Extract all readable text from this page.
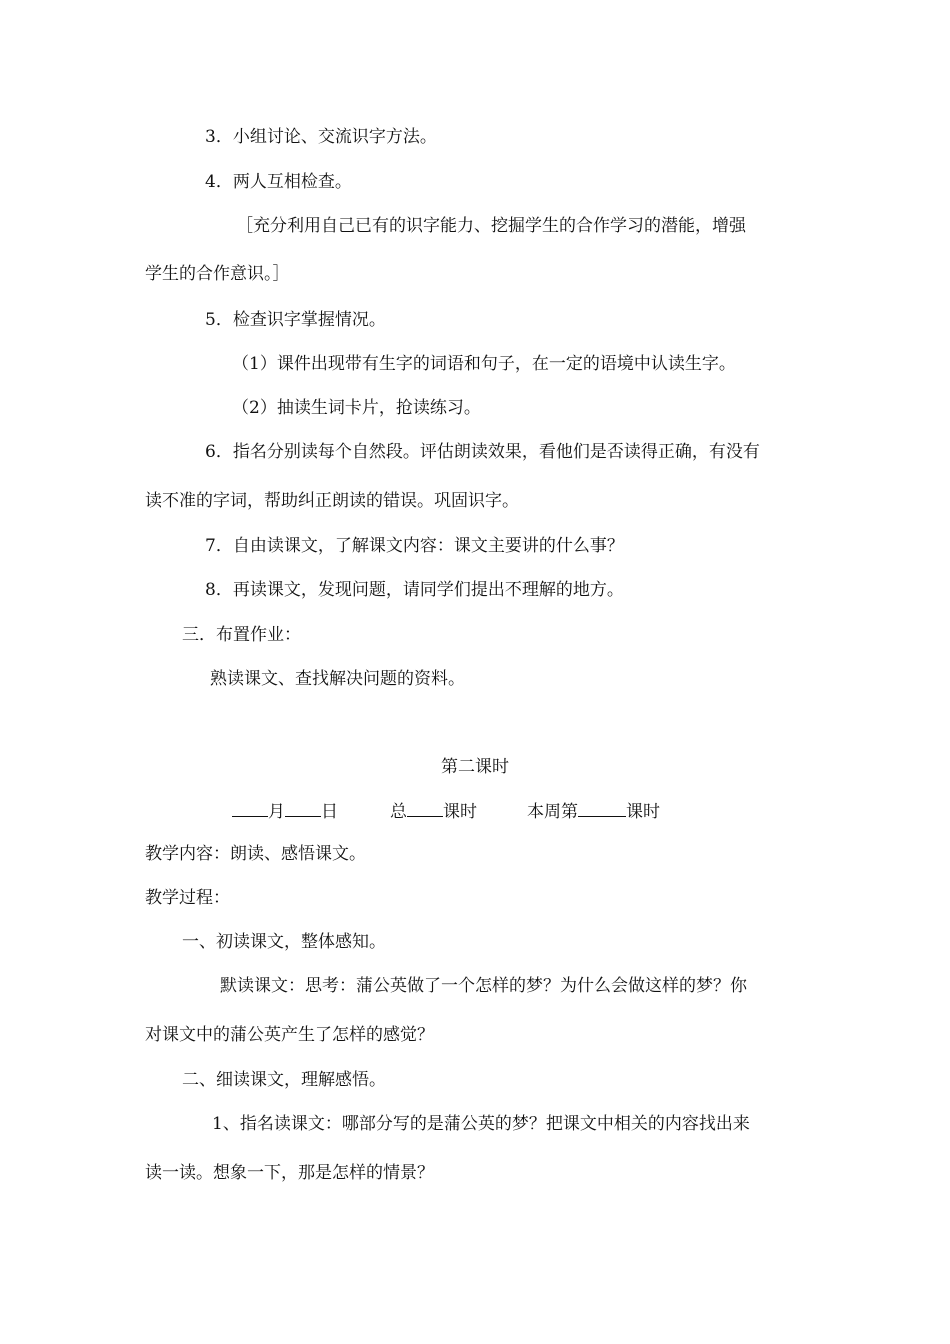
3．小组讨论、交流识字方法。
4．两人互相检查。
［充分利用自己已有的识字能力、挖掘学生的合作学习的潜能，增强
学生的合作意识。］
5．检查识字掌握情况。
（1）课件出现带有生字的词语和句子，在一定的语境中认读生字。
（2）抽读生词卡片，抢读练习。
6．指名分别读每个自然段。评估朗读效果，看他们是否读得正确，有没有
读不准的字词，帮助纠正朗读的错误。巩固识字。
7．自由读课文，了解课文内容：课文主要讲的什么事？
8．再读课文，发现问题，请同学们提出不理解的地方。
三．布置作业：
熟读课文、查找解决问题的资料。
第二课时
月 日	总 课时	本周第	课时
教学内容：朗读、感悟课文。
教学过程：
一、初读课文，整体感知。
默读课文：思考：蒲公英做了一个怎样的梦？为什么会做这样的梦？你
对课文中的蒲公英产生了怎样的感觉？
二、细读课文，理解感悟。
1、指名读课文：哪部分写的是蒲公英的梦？把课文中相关的内容找出来
读一读。想象一下，那是怎样的情景？
